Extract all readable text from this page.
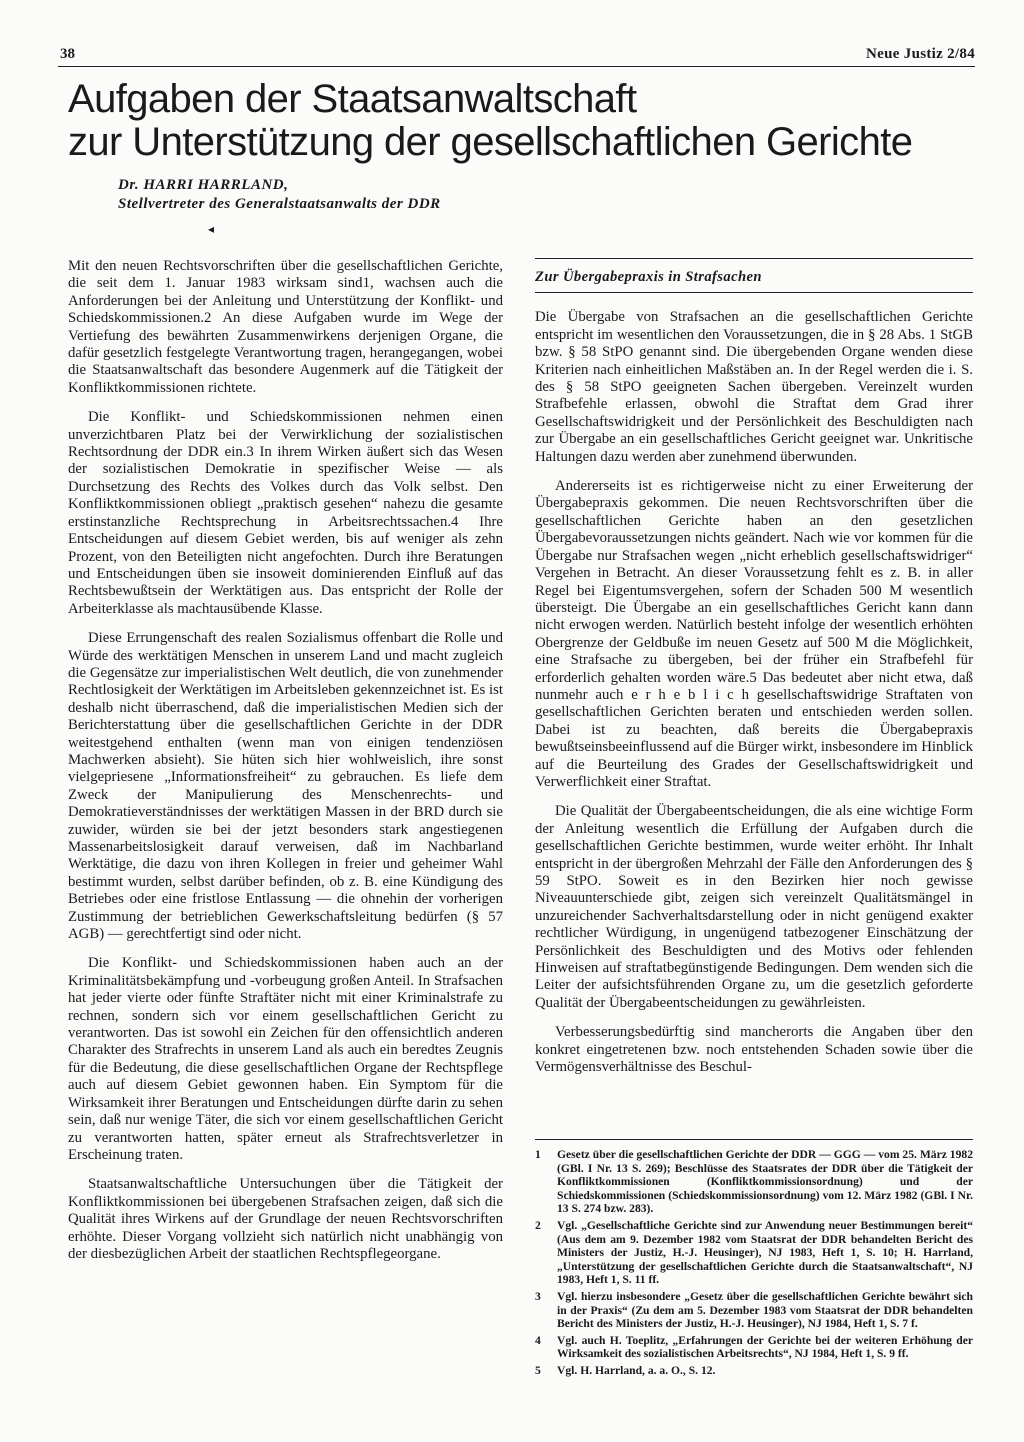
38	Neue Justiz 2/84
Aufgaben der Staatsanwaltschaft
zur Unterstützung der gesellschaftlichen Gerichte
Dr. HARRI HARRLAND,
Stellvertreter des Generalstaatsanwalts der DDR
◂

Mit den neuen Rechtsvorschriften über die gesellschaftlichen Gerichte, die seit dem 1. Januar 1983 wirksam sind1, wachsen auch die Anforderungen bei der Anleitung und Unterstützung der Konflikt- und Schiedskommissionen.2 An diese Aufgaben wurde im Wege der Vertiefung des bewährten Zusammenwirkens derjenigen Organe, die dafür gesetzlich festgelegte Verantwortung tragen, herangegangen, wobei die Staatsanwaltschaft das besondere Augenmerk auf die Tätigkeit der Konfliktkommissionen richtete.

Die Konflikt- und Schiedskommissionen nehmen einen unverzichtbaren Platz bei der Verwirklichung der sozialistischen Rechtsordnung der DDR ein.3 In ihrem Wirken äußert sich das Wesen der sozialistischen Demokratie in spezifischer Weise — als Durchsetzung des Rechts des Volkes durch das Volk selbst. Den Konfliktkommissionen obliegt „praktisch gesehen“ nahezu die gesamte erstinstanzliche Rechtsprechung in Arbeitsrechtssachen.4 Ihre Entscheidungen auf diesem Gebiet werden, bis auf weniger als zehn Prozent, von den Beteiligten nicht angefochten. Durch ihre Beratungen und Entscheidungen üben sie insoweit dominierenden Einfluß auf das Rechtsbewußtsein der Werktätigen aus. Das entspricht der Rolle der Arbeiterklasse als machtausübende Klasse.

Diese Errungenschaft des realen Sozialismus offenbart die Rolle und Würde des werktätigen Menschen in unserem Land und macht zugleich die Gegensätze zur imperialistischen Welt deutlich, die von zunehmender Rechtlosigkeit der Werktätigen im Arbeitsleben gekennzeichnet ist. Es ist deshalb nicht überraschend, daß die imperialistischen Medien sich der Berichterstattung über die gesellschaftlichen Gerichte in der DDR weitestgehend enthalten (wenn man von einigen tendenziösen Machwerken absieht). Sie hüten sich hier wohlweislich, ihre sonst vielgepriesene „Informationsfreiheit“ zu gebrauchen. Es liefe dem Zweck der Manipulierung des Menschenrechts- und Demokratieverständnisses der werktätigen Massen in der BRD durch sie zuwider, würden sie bei der jetzt besonders stark angestiegenen Massenarbeitslosigkeit darauf verweisen, daß im Nachbarland Werktätige, die dazu von ihren Kollegen in freier und geheimer Wahl bestimmt wurden, selbst darüber befinden, ob z. B. eine Kündigung des Betriebes oder eine fristlose Entlassung — die ohnehin der vorherigen Zustimmung der betrieblichen Gewerkschaftsleitung bedürfen (§ 57 AGB) — gerechtfertigt sind oder nicht.

Die Konflikt- und Schiedskommissionen haben auch an der Kriminalitätsbekämpfung und -vorbeugung großen Anteil. In Strafsachen hat jeder vierte oder fünfte Straftäter nicht mit einer Kriminalstrafe zu rechnen, sondern sich vor einem gesellschaftlichen Gericht zu verantworten. Das ist sowohl ein Zeichen für den offensichtlich anderen Charakter des Strafrechts in unserem Land als auch ein beredtes Zeugnis für die Bedeutung, die diese gesellschaftlichen Organe der Rechtspflege auch auf diesem Gebiet gewonnen haben. Ein Symptom für die Wirksamkeit ihrer Beratungen und Entscheidungen dürfte darin zu sehen sein, daß nur wenige Täter, die sich vor einem gesellschaftlichen Gericht zu verantworten hatten, später erneut als Strafrechtsverletzer in Erscheinung traten.

Staatsanwaltschaftliche Untersuchungen über die Tätigkeit der Konfliktkommissionen bei übergebenen Strafsachen zeigen, daß sich die Qualität ihres Wirkens auf der Grundlage der neuen Rechtsvorschriften erhöhte. Dieser Vorgang vollzieht sich natürlich nicht unabhängig von der diesbezüglichen Arbeit der staatlichen Rechtspflegeorgane.

Zur Übergabepraxis in Strafsachen

Die Übergabe von Strafsachen an die gesellschaftlichen Gerichte entspricht im wesentlichen den Voraussetzungen, die in § 28 Abs. 1 StGB bzw. § 58 StPO genannt sind. Die übergebenden Organe wenden diese Kriterien nach einheitlichen Maßstäben an. In der Regel werden die i. S. des § 58 StPO geeigneten Sachen übergeben. Vereinzelt wurden Strafbefehle erlassen, obwohl die Straftat dem Grad ihrer Gesellschaftswidrigkeit und der Persönlichkeit des Beschuldigten nach zur Übergabe an ein gesellschaftliches Gericht geeignet war. Unkritische Haltungen dazu werden aber zunehmend überwunden.

Andererseits ist es richtigerweise nicht zu einer Erweiterung der Übergabepraxis gekommen. Die neuen Rechtsvorschriften über die gesellschaftlichen Gerichte haben an den gesetzlichen Übergabevoraussetzungen nichts geändert. Nach wie vor kommen für die Übergabe nur Strafsachen wegen „nicht erheblich gesellschaftswidriger“ Vergehen in Betracht. An dieser Voraussetzung fehlt es z. B. in aller Regel bei Eigentumsvergehen, sofern der Schaden 500 M wesentlich übersteigt. Die Übergabe an ein gesellschaftliches Gericht kann dann nicht erwogen werden. Natürlich besteht infolge der wesentlich erhöhten Obergrenze der Geldbuße im neuen Gesetz auf 500 M die Möglichkeit, eine Strafsache zu übergeben, bei der früher ein Strafbefehl für erforderlich gehalten worden wäre.5 Das bedeutet aber nicht etwa, daß nunmehr auch e r h e b l i c h gesellschaftswidrige Straftaten von gesellschaftlichen Gerichten beraten und entschieden werden sollen. Dabei ist zu beachten, daß bereits die Übergabepraxis bewußtseinsbeeinflussend auf die Bürger wirkt, insbesondere im Hinblick auf die Beurteilung des Grades der Gesellschaftswidrigkeit und Verwerflichkeit einer Straftat.

Die Qualität der Übergabeentscheidungen, die als eine wichtige Form der Anleitung wesentlich die Erfüllung der Aufgaben durch die gesellschaftlichen Gerichte bestimmen, wurde weiter erhöht. Ihr Inhalt entspricht in der übergroßen Mehrzahl der Fälle den Anforderungen des § 59 StPO. Soweit es in den Bezirken hier noch gewisse Niveauunterschiede gibt, zeigen sich vereinzelt Qualitätsmängel in unzureichender Sachverhaltsdarstellung oder in nicht genügend exakter rechtlicher Würdigung, in ungenügend tatbezogener Einschätzung der Persönlichkeit des Beschuldigten und des Motivs oder fehlenden Hinweisen auf straftatbegünstigende Bedingungen. Dem wenden sich die Leiter der aufsichtsführenden Organe zu, um die gesetzlich geforderte Qualität der Übergabeentscheidungen zu gewährleisten.

Verbesserungsbedürftig sind mancherorts die Angaben über den konkret eingetretenen bzw. noch entstehenden Schaden sowie über die Vermögensverhältnisse des Beschul-

1	Gesetz über die gesellschaftlichen Gerichte der DDR — GGG — vom 25. März 1982 (GBl. I Nr. 13 S. 269); Beschlüsse des Staatsrates der DDR über die Tätigkeit der Konfliktkommissionen (Konfliktkommissionsordnung) und der Schiedskommissionen (Schiedskommissionsordnung) vom 12. März 1982 (GBl. I Nr. 13 S. 274 bzw. 283).
2	Vgl. „Gesellschaftliche Gerichte sind zur Anwendung neuer Bestimmungen bereit“ (Aus dem am 9. Dezember 1982 vom Staatsrat der DDR behandelten Bericht des Ministers der Justiz, H.-J. Heusinger), NJ 1983, Heft 1, S. 10; H. Harrland, „Unterstützung der gesellschaftlichen Gerichte durch die Staatsanwaltschaft“, NJ 1983, Heft 1, S. 11 ff.
3	Vgl. hierzu insbesondere „Gesetz über die gesellschaftlichen Gerichte bewährt sich in der Praxis“ (Zu dem am 5. Dezember 1983 vom Staatsrat der DDR behandelten Bericht des Ministers der Justiz, H.-J. Heusinger), NJ 1984, Heft 1, S. 7 f.
4	Vgl. auch H. Toeplitz, „Erfahrungen der Gerichte bei der weiteren Erhöhung der Wirksamkeit des sozialistischen Arbeitsrechts“, NJ 1984, Heft 1, S. 9 ff.
5	Vgl. H. Harrland, a. a. O., S. 12.
